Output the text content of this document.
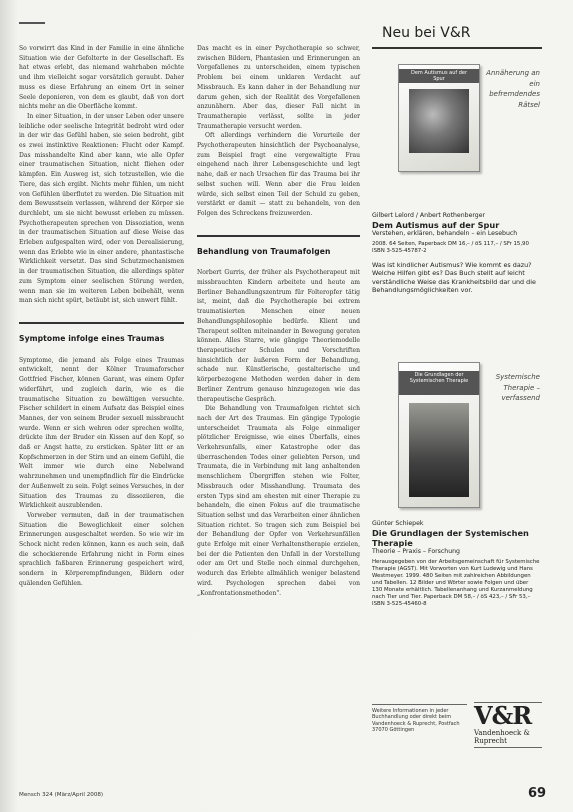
So vorwirrt das Kind in der Familie in eine ähnliche Situation wie der Gefolterte in der Gesellschaft. Es hat etwas erlebt, das niemand wahrhaben möchte und ihm vielleicht sogar vorsätzlich geraubt. Daher muss es diese Erfahrung an einem Ort in seiner Seele deponieren, von dem es glaubt, daß von dort nichts mehr an die Oberfläche kommt.

In einer Situation, in der unser Leben oder unsere leibliche oder seelische Integrität bedroht wird oder in der wir das Gefühl haben, sie seien bedroht, gibt es zwei instinktive Reaktionen: Flucht oder Kampf. Das misshandelte Kind aber kann, wie alle Opfer einer traumatischen Situation, nicht fliehen oder kämpfen. Ein Ausweg ist, sich totzustellen, wie die Tiere, das sich ergibt. Nichts mehr fühlen, um nicht von Gefühlen überflutet zu werden. Die Situation mit dem Bewusstsein verlassen, während der Körper sie durchlebt, um sie nicht bewusst erleben zu müssen. Psychotherapeuten sprechen von Dissoziation, wenn in der traumatischen Situation auf diese Weise das Erleben aufgespalten wird, oder von Derealisierung, wenn das Erlebte wie in einer andere, phantastische Wirklichkeit versetzt. Das sind Schutzmechanismen in der traumatischen Situation, die allerdings später zum Symptom einer seelischen Störung werden, wenn man sie im weiteren Leben beibehält, wenn man sich nicht spürt, betäubt ist, sich unwert fühlt.

Symptome infolge eines Traumas

Symptome, die jemand als Folge eines Traumas entwickelt, nennt der Kölner Traumaforscher Gottfried Fischer, können Garant, was einem Opfer widerfährt, und zugleich darin, wie es die traumatische Situation zu bewältigen versuchte. Fischer schildert in einem Aufsatz das Beispiel eines Mannes, der von seinem Bruder sexuell missbraucht wurde. Wenn er sich wehren oder sprechen wollte, drückte ihm der Bruder ein Kissen auf den Kopf, so daß er Angst hatte, zu ersticken. Später litt er an Kopfschmerzen in der Stirn und an einem Gefühl, die Welt immer wie durch eine Nebelwand wahrzunehmen und unempfindlich für die Eindrücke der Außenwelt zu sein. Folgt seines Versuches, in der Situation des Traumas zu dissoziieren, die Wirklichkeit auszublenden.

Vorweber vermuten, daß in der traumatischen Situation die Beweglichkeit einer solchen Erinnerungen ausgeschaltet werden. So wie wir im Schock nicht reden können, kann es auch sein, daß die schockierende Erfahrung nicht in Form eines sprachlich faßbaren Erinnerung gespeichert wird, sondern in Körperempfindungen, Bildern oder quälenden Gefühlen.

Das macht es in einer Psychotherapie so schwer, zwischen Bildern, Phantasien und Erinnerungen an Vorgefallenes zu unterscheiden, einem typischen Problem bei einem unklaren Verdacht auf Missbrauch. Es kann daher in der Behandlung nur darum gehen, sich der Realität des Vorgefallenen anzunähern. Aber das, dieser Fall nicht in Traumatherapie verlässt, sollte in jeder Traumatherapie versucht werden.

Oft allerdings verhindern die Vorurteile der Psychotherapeuten hinsichtlich der Psychoanalyse, zum Beispiel fragt eine vergewaltigte Frau eingehend nach ihrer Lebensgeschichte und legt nahe, daß er nach Ursachen für das Trauma bei ihr selbst suchen will. Wenn aber die Frau leiden würde, sich selbst einen Teil der Schuld zu geben, verstärkt er damit — statt zu behandeln, von den Folgen des Schreckens freizuwerden.

Behandlung von Traumafolgen

Norbert Gurris, der früher als Psychotherapeut mit missbrauchten Kindern arbeitete und heute am Berliner Behandlungszentrum für Folteropfer tätig ist, meint, daß die Psychotherapie bei extrem traumatisierten Menschen einer neuen Behandlungsphilosophie bedürfe. Klient und Therapeut sollten miteinander in Bewegung geraten können. Alles Starre, wie gängige Theoriemodelle therapeutischer Schulen und Vorschriften hinsichtlich der äußeren Form der Behandlung, schade nur. Künstlerische, gestalterische und körperbezogene Methoden werden daher in dem Berliner Zentrum genauso hinzugezogen wie das therapeutische Gespräch.

Die Behandlung von Traumafolgen richtet sich nach der Art des Traumas. Ein gängige Typologie unterscheidet Traumata als Folge einmaliger plötzlicher Ereignisse, wie eines Überfalls, eines Verkehrsunfalls, einer Katastrophe oder das überraschenden Todes einer geliebten Person, und Traumata, die in Verbindung mit lang anhaltenden menschlichem Übergriffen stehen wie Folter, Missbrauch oder Misshandlung. Traumata des ersten Typs sind am ehesten mit einer Therapie zu behandeln, die einen Fokus auf die traumatische Situation selbst und das Verarbeiten einer ähnlichen Situation richtet. So tragen sich zum Beispiel bei der Behandlung der Opfer von Verkehrsunfällen gute Erfolge mit einer Verhaltenstherapie erzielen, bei der die Patienten den Unfall in der Vorstellung oder am Ort und Stelle noch einmal durchgehen, wodurch das Erlebte allmählich weniger belastend wird. Psychologen sprechen dabei von „Konfrontationsmethoden".

Neu bei V&R
Dem Autismus auf der Spur
Annäherung an ein befremdendes Rätsel
Gilbert Lelord / Anbert Rothenberger
Dem Autismus auf der Spur
Verstehen, erklären, behandeln – ein Lesebuch
2008. 64 Seiten, Paperback DM 16,– / öS 117,– / SFr 15,90 ISBN 3-525-45787-2
Was ist kindlicher Autismus? Wie kommt es dazu? Welche Hilfen gibt es? Das Buch stellt auf leicht verständliche Weise das Krankheitsbild dar und die Behandlungsmöglichkeiten vor.
Die Grundlagen der Systemischen Therapie	Systemische Therapie – verfassend
Günter Schiepek
Die Grundlagen der Systemischen Therapie
Theorie – Praxis – Forschung
Herausgegeben von der Arbeitsgemeinschaft für Systemische Therapie (AGST). Mit Vorworten von Kurt Ludewig und Hans Westmeyer. 1999. 480 Seiten mit zahlreichen Abbildungen und Tabellen. 12 Bilder und Wörter sowie Folgen und über 130 Monate erhältlich. Tabellenanhang und Kurzanmeldung nach Tier und Tier. Paperback DM 58,– / öS 423,– / SFr 53,– ISBN 3-525-45460-8
Weitere Informationen in jeder Buchhandlung oder direkt beim Vandenhoeck & Ruprecht, Postfach 37070 Göttingen
V&R
Vandenhoeck & Ruprecht
Mensch 324 (März/April 2008)	69
